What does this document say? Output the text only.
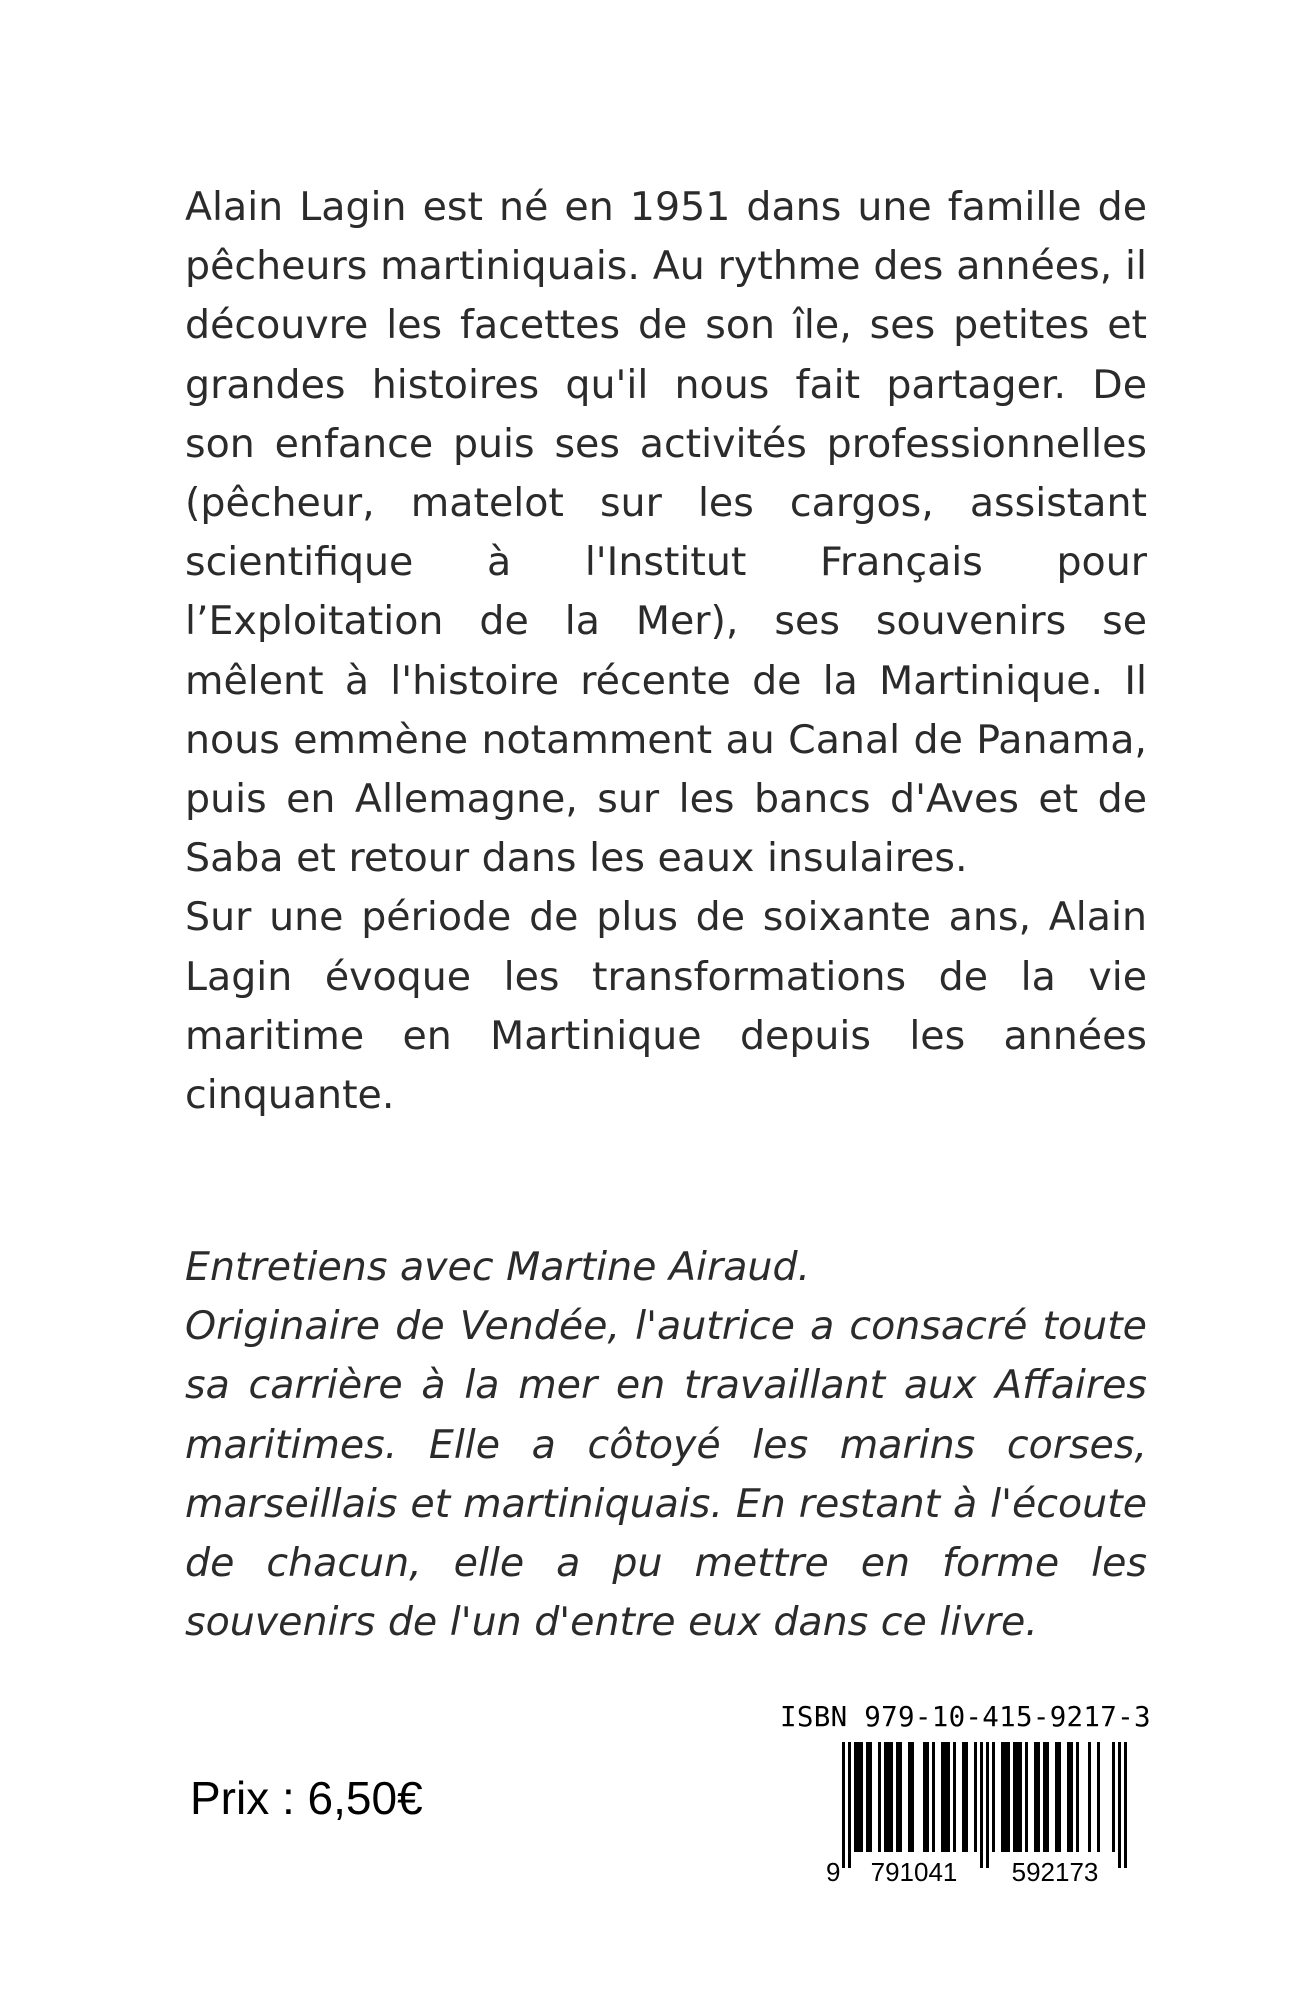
Alain Lagin est né en 1951 dans une famille de pêcheurs martiniquais. Au rythme des années, il découvre les facettes de son île, ses petites et grandes histoires qu'il nous fait partager. De son enfance puis ses activités professionnelles (pêcheur, matelot sur les cargos, assistant scientifique à l'Institut Français pour l’Exploitation de la Mer), ses souvenirs se mêlent à l'histoire récente de la Martinique. Il nous emmène notamment au Canal de Panama, puis en Allemagne, sur les bancs d'Aves et de Saba et retour dans les eaux insulaires.

Sur une période de plus de soixante ans, Alain Lagin évoque les transformations de la vie maritime en Martinique depuis les années cinquante.

Entretiens avec Martine Airaud.

Originaire de Vendée, l'autrice a consacré toute sa carrière à la mer en travaillant aux Affaires maritimes. Elle a côtoyé les marins corses, marseillais et martiniquais. En restant à l'écoute de chacun, elle a pu mettre en forme les souvenirs de l'un d'entre eux dans ce livre.

Prix : 6,50€
ISBN 979-10-415-9217-3
9 791041 592173
